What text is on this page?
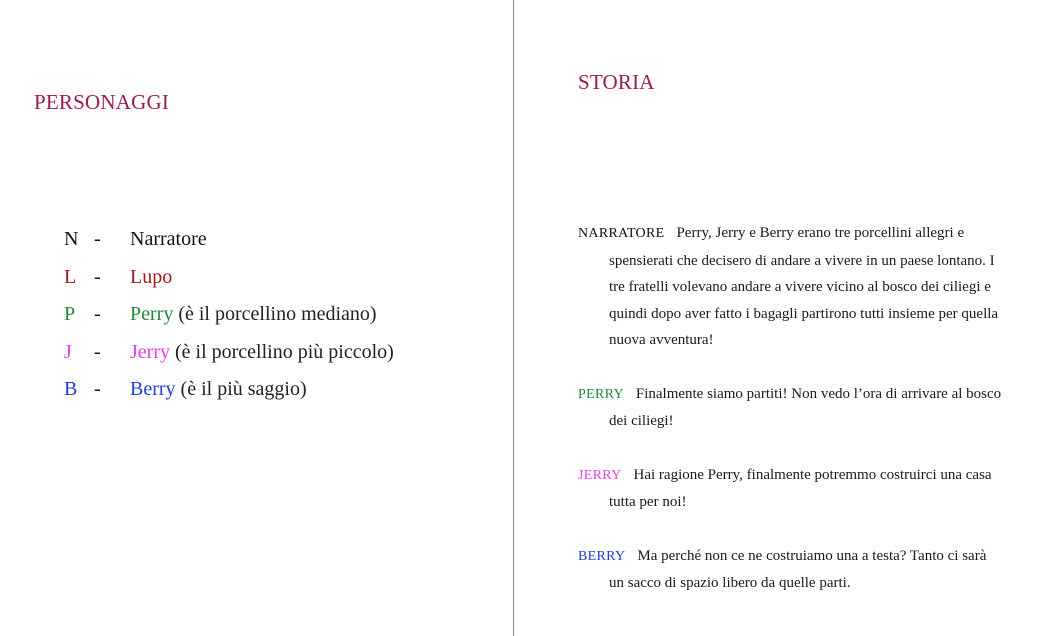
PERSONAGGI
N -	Narratore
L -	Lupo
P -	Perry (è il porcellino mediano)
J	-	Jerry (è il porcellino più piccolo)
B -	Berry (è il più saggio)
STORIA
NARRATORE Perry, Jerry e Berry erano tre porcellini allegri e spensierati che decisero di andare a vivere in un paese lontano. I tre fratelli volevano andare a vivere vicino al bosco dei ciliegi e quindi dopo aver fatto i bagagli partirono tutti insieme per quella nuova avventura!
PERRY Finalmente siamo partiti! Non vedo l’ora di arrivare al bosco dei ciliegi!
JERRY Hai ragione Perry, finalmente potremmo costruirci una casa tutta per noi!
BERRY Ma perché non ce ne costruiamo una a testa? Tanto ci sarà un sacco di spazio libero da quelle parti.
